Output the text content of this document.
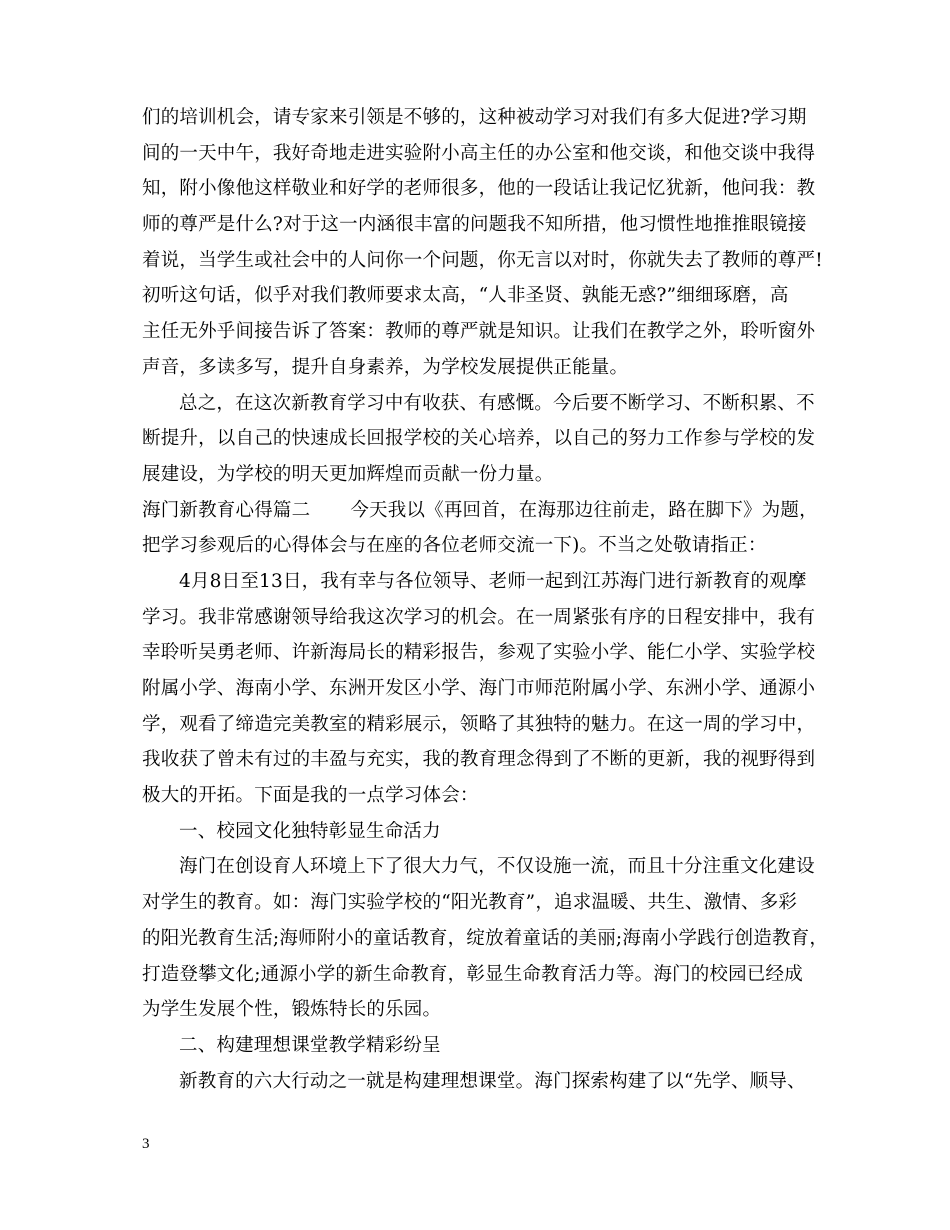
们的培训机会，请专家来引领是不够的，这种被动学习对我们有多大促进?学习期
间的一天中午，我好奇地走进实验附小高主任的办公室和他交谈，和他交谈中我得
知，附小像他这样敬业和好学的老师很多，他的一段话让我记忆犹新，他问我：教
师的尊严是什么?对于这一内涵很丰富的问题我不知所措，他习惯性地推推眼镜接
着说，当学生或社会中的人问你一个问题，你无言以对时，你就失去了教师的尊严!
初听这句话，似乎对我们教师要求太高，“人非圣贤、孰能无惑?”细细琢磨，高
主任无外乎间接告诉了答案：教师的尊严就是知识。让我们在教学之外，聆听窗外
声音，多读多写，提升自身素养，为学校发展提供正能量。
总之，在这次新教育学习中有收获、有感慨。今后要不断学习、不断积累、不
断提升，以自己的快速成长回报学校的关心培养，以自己的努力工作参与学校的发
展建设，为学校的明天更加辉煌而贡献一份力量。
海门新教育心得篇二 今天我以《再回首，在海那边往前走，路在脚下》为题，
把学习参观后的心得体会与在座的各位老师交流一下)。不当之处敬请指正：
4月8日至13日，我有幸与各位领导、老师一起到江苏海门进行新教育的观摩
学习。我非常感谢领导给我这次学习的机会。在一周紧张有序的日程安排中，我有
幸聆听吴勇老师、许新海局长的精彩报告，参观了实验小学、能仁小学、实验学校
附属小学、海南小学、东洲开发区小学、海门市师范附属小学、东洲小学、通源小
学，观看了缔造完美教室的精彩展示，领略了其独特的魅力。在这一周的学习中，
我收获了曾未有过的丰盈与充实，我的教育理念得到了不断的更新，我的视野得到
极大的开拓。下面是我的一点学习体会：
一、校园文化独特彰显生命活力
海门在创设育人环境上下了很大力气，不仅设施一流，而且十分注重文化建设
对学生的教育。如：海门实验学校的“阳光教育”，追求温暖、共生、激情、多彩
的阳光教育生活;海师附小的童话教育，绽放着童话的美丽;海南小学践行创造教育，
打造登攀文化;通源小学的新生命教育，彰显生命教育活力等。海门的校园已经成
为学生发展个性，锻炼特长的乐园。
二、构建理想课堂教学精彩纷呈
新教育的六大行动之一就是构建理想课堂。海门探索构建了以“先学、顺导、
3
